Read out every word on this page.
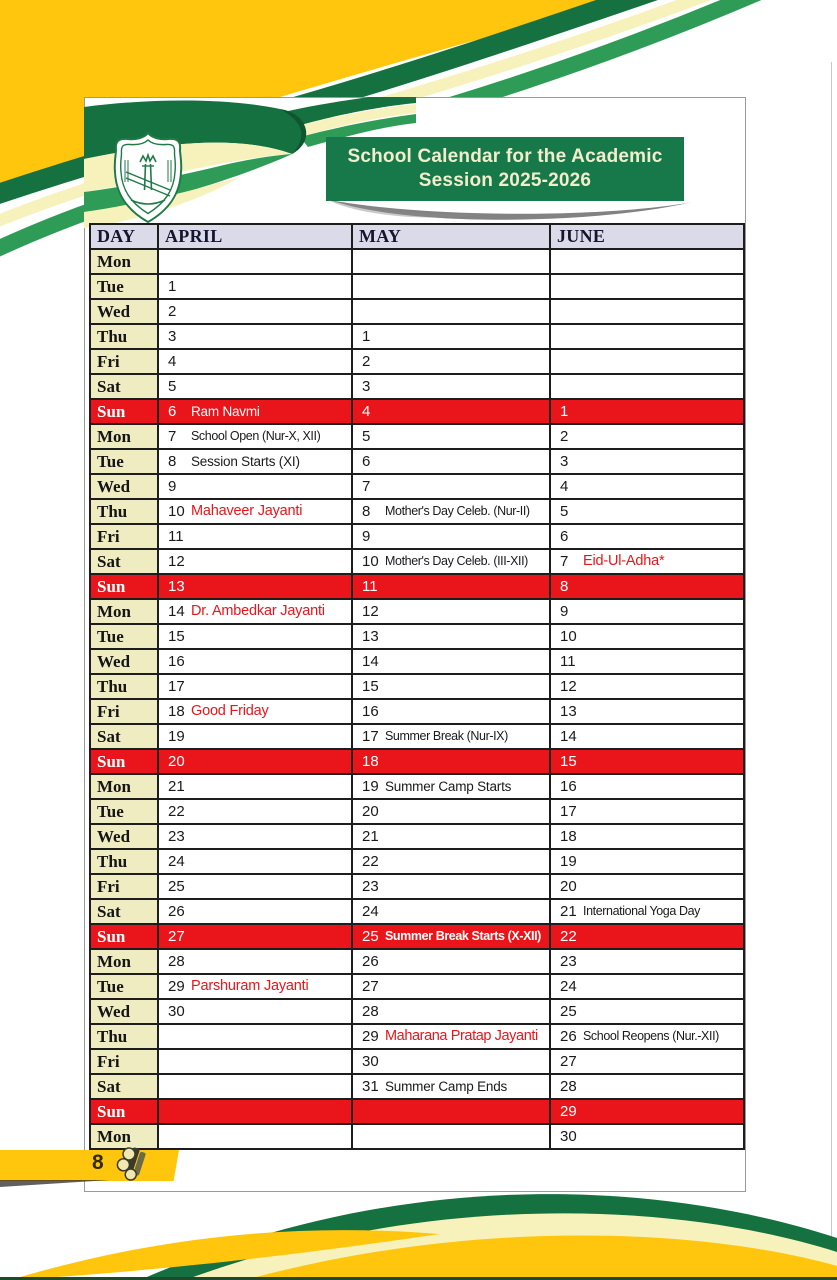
School Calendar for the Academic
Session 2025-2026
DAY	APRIL	MAY	JUNE
Mon			
Tue	1		
Wed	2		
Thu	3	1	
Fri	4	2	
Sat	5	3	
Sun	6 Ram Navmi	4	1
Mon	7 School Open (Nur-X, XII)	5	2
Tue	8 Session Starts (XI)	6	3
Wed	9	7	4
Thu	10 Mahaveer Jayanti	8 Mother's Day Celeb. (Nur-II)	5
Fri	11	9	6
Sat	12	10 Mother's Day Celeb. (III-XII)	7 Eid-Ul-Adha*
Sun	13	11	8
Mon	14 Dr. Ambedkar Jayanti	12	9
Tue	15	13	10
Wed	16	14	11
Thu	17	15	12
Fri	18 Good Friday	16	13
Sat	19	17 Summer Break (Nur-IX)	14
Sun	20	18	15
Mon	21	19 Summer Camp Starts	16
Tue	22	20	17
Wed	23	21	18
Thu	24	22	19
Fri	25	23	20
Sat	26	24	21 International Yoga Day
Sun	27	25 Summer Break Starts (X-XII)	22
Mon	28	26	23
Tue	29 Parshuram Jayanti	27	24
Wed	30	28	25
Thu		29 Maharana Pratap Jayanti	26 School Reopens (Nur.-XII)
Fri		30	27
Sat		31 Summer Camp Ends	28
Sun			29
Mon			30
8
